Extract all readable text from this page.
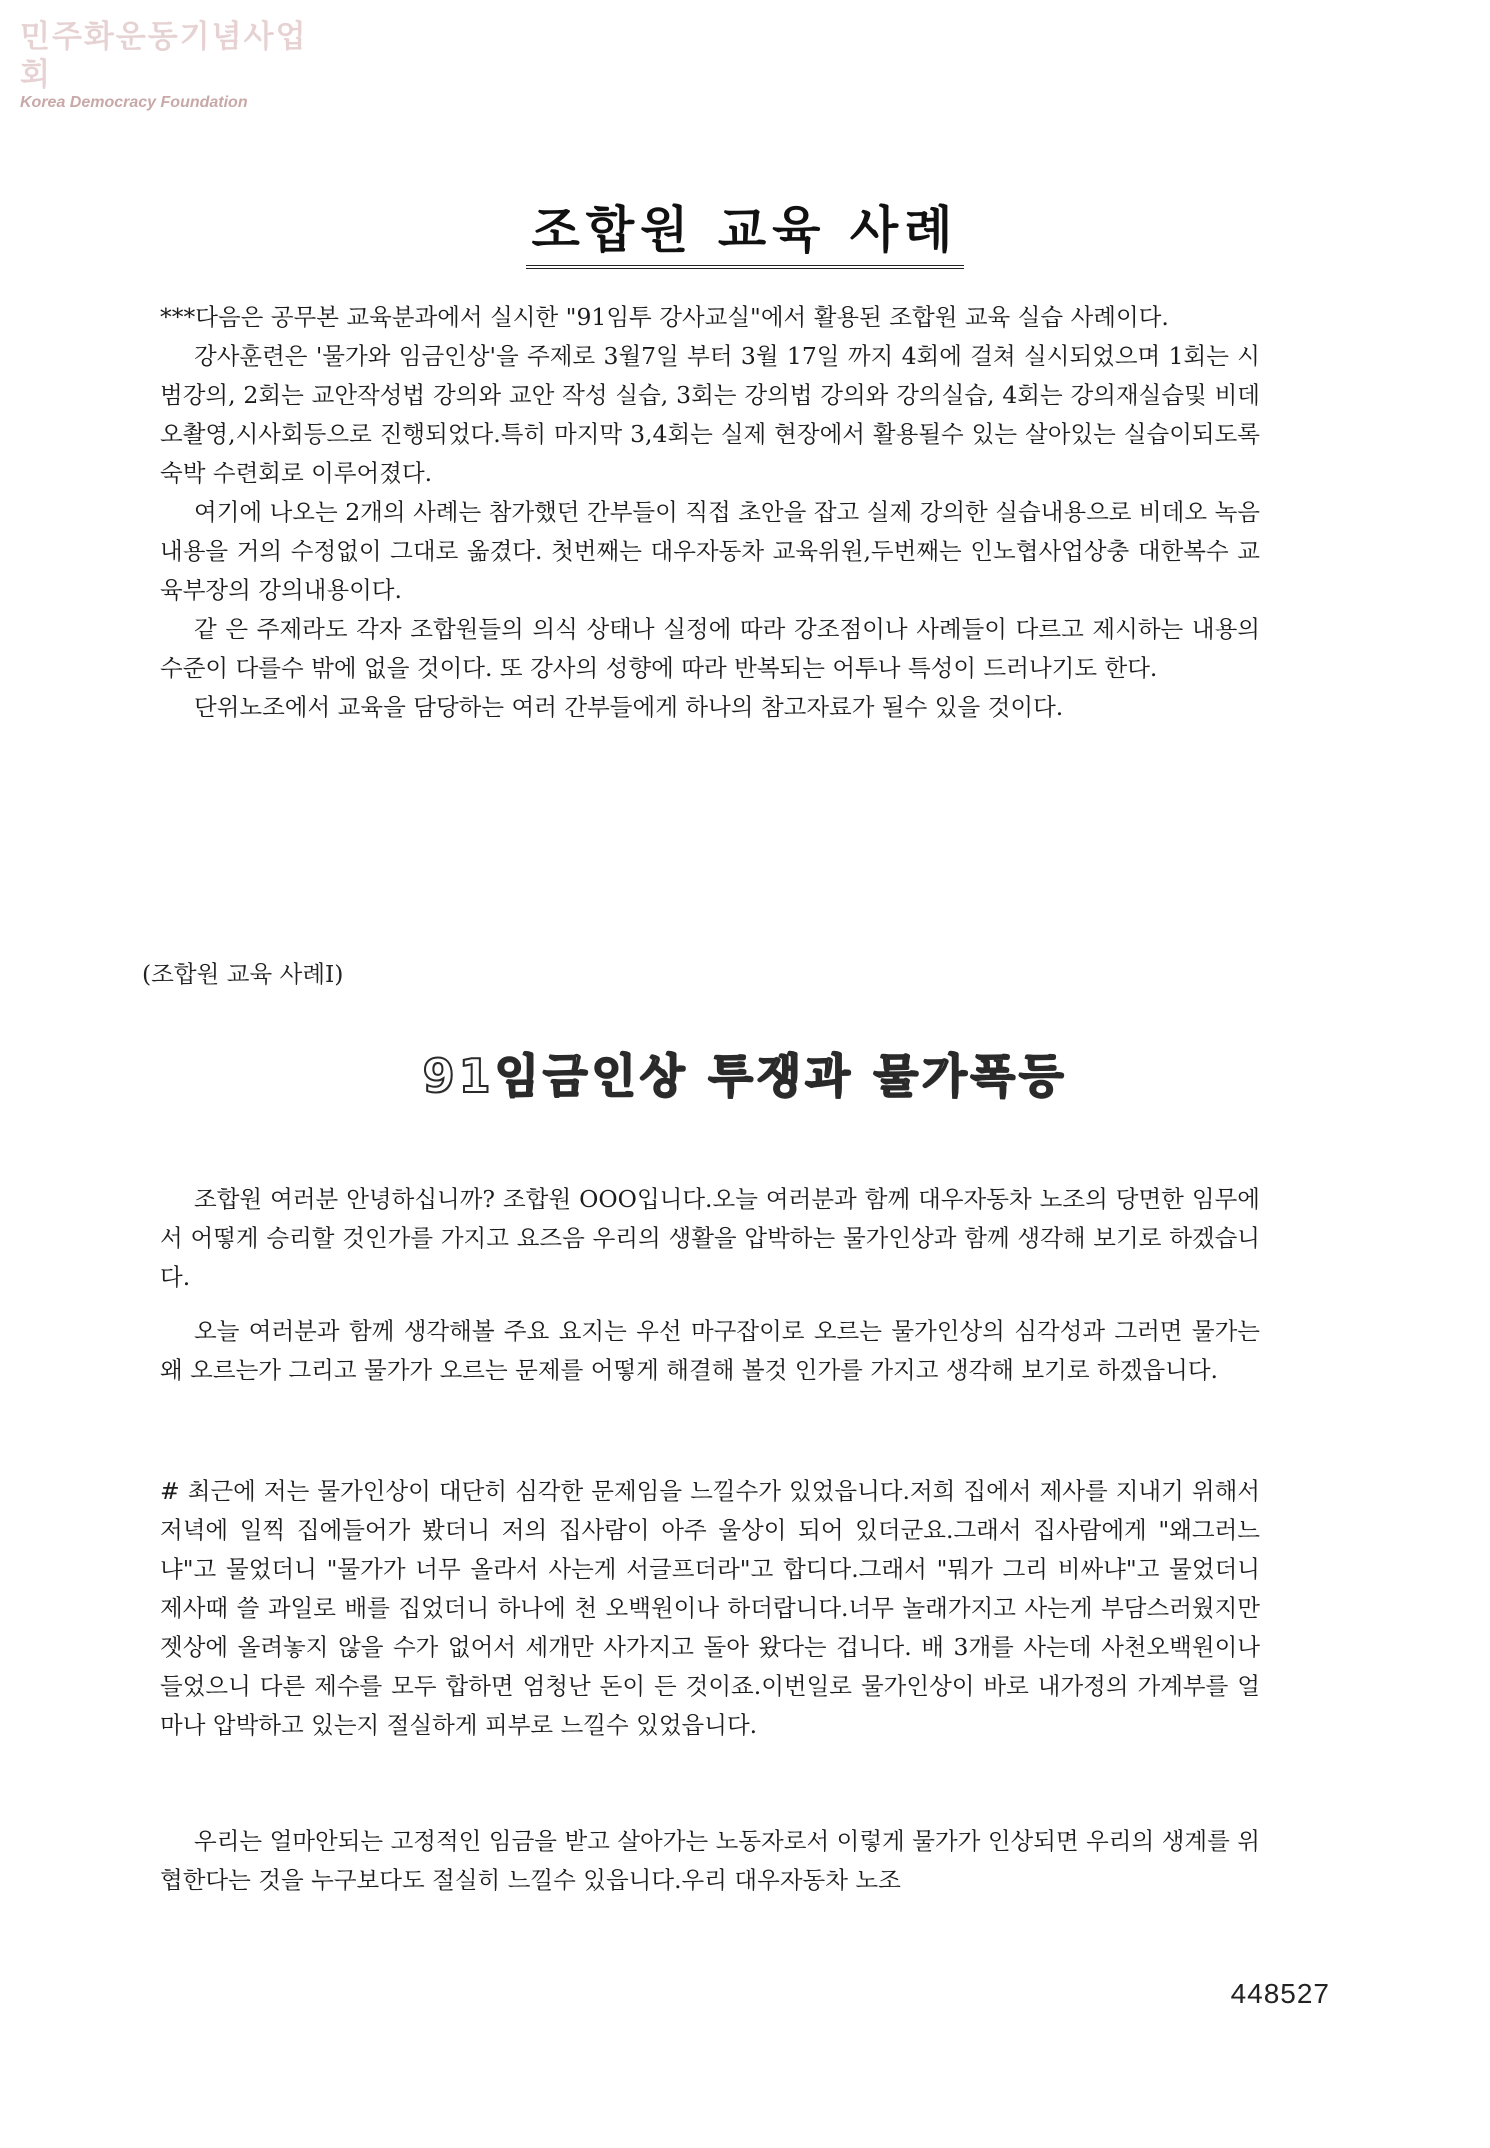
민주화운동기념사업회
Korea Democracy Foundation
조합원 교육 사례

***다음은 공무본 교육분과에서 실시한 "91임투 강사교실"에서 활용된 조합원 교육 실습 사례이다.

강사훈련은 '물가와 임금인상'을 주제로 3월7일 부터 3월 17일 까지 4회에 걸쳐 실시되었으며 1회는 시범강의, 2회는 교안작성법 강의와 교안 작성 실습, 3회는 강의법 강의와 강의실습, 4회는 강의재실습및 비데오촬영,시사회등으로 진행되었다.특히 마지막 3,4회는 실제 현장에서 활용될수 있는 살아있는 실습이되도록 숙박 수련회로 이루어졌다.

여기에 나오는 2개의 사례는 참가했던 간부들이 직접 초안을 잡고 실제 강의한 실습내용으로 비데오 녹음내용을 거의 수정없이 그대로 옮겼다. 첫번째는 대우자동차 교육위원,두번째는 인노협사업상충 대한복수 교육부장의 강의내용이다.

같 은 주제라도 각자 조합원들의 의식 상태나 실정에 따라 강조점이나 사례들이 다르고 제시하는 내용의 수준이 다를수 밖에 없을 것이다. 또 강사의 성향에 따라 반복되는 어투나 특성이 드러나기도 한다.

단위노조에서 교육을 담당하는 여러 간부들에게 하나의 참고자료가 될수 있을 것이다.

(조합원 교육 사례Ⅰ)
91임금인상 투쟁과 물가폭등

조합원 여러분 안녕하십니까? 조합원 OOO입니다.오늘 여러분과 함께 대우자동차 노조의 당면한 임무에서 어떻게 승리할 것인가를 가지고 요즈음 우리의 생활을 압박하는 물가인상과 함께 생각해 보기로 하겠습니다.

오늘 여러분과 함께 생각해볼 주요 요지는 우선 마구잡이로 오르는 물가인상의 심각성과 그러면 물가는 왜 오르는가 그리고 물가가 오르는 문제를 어떻게 해결해 볼것 인가를 가지고 생각해 보기로 하겠읍니다.

# 최근에 저는 물가인상이 대단히 심각한 문제임을 느낄수가 있었읍니다.저희 집에서 제사를 지내기 위해서 저녁에 일찍 집에들어가 봤더니 저의 집사람이 아주 울상이 되어 있더군요.그래서 집사람에게 "왜그러느냐"고 물었더니 "물가가 너무 올라서 사는게 서글프더라"고 합디다.그래서 "뭐가 그리 비싸냐"고 물었더니 제사때 쓸 과일로 배를 집었더니 하나에 천 오백원이나 하더랍니다.너무 놀래가지고 사는게 부담스러웠지만 젯상에 올려놓지 않을 수가 없어서 세개만 사가지고 돌아 왔다는 겁니다. 배 3개를 사는데 사천오백원이나 들었으니 다른 제수를 모두 합하면 엄청난 돈이 든 것이죠.이번일로 물가인상이 바로 내가정의 가계부를 얼마나 압박하고 있는지 절실하게 피부로 느낄수 있었읍니다.

우리는 얼마안되는 고정적인 임금을 받고 살아가는 노동자로서 이렇게 물가가 인상되면 우리의 생계를 위협한다는 것을 누구보다도 절실히 느낄수 있읍니다.우리 대우자동차 노조

448527
